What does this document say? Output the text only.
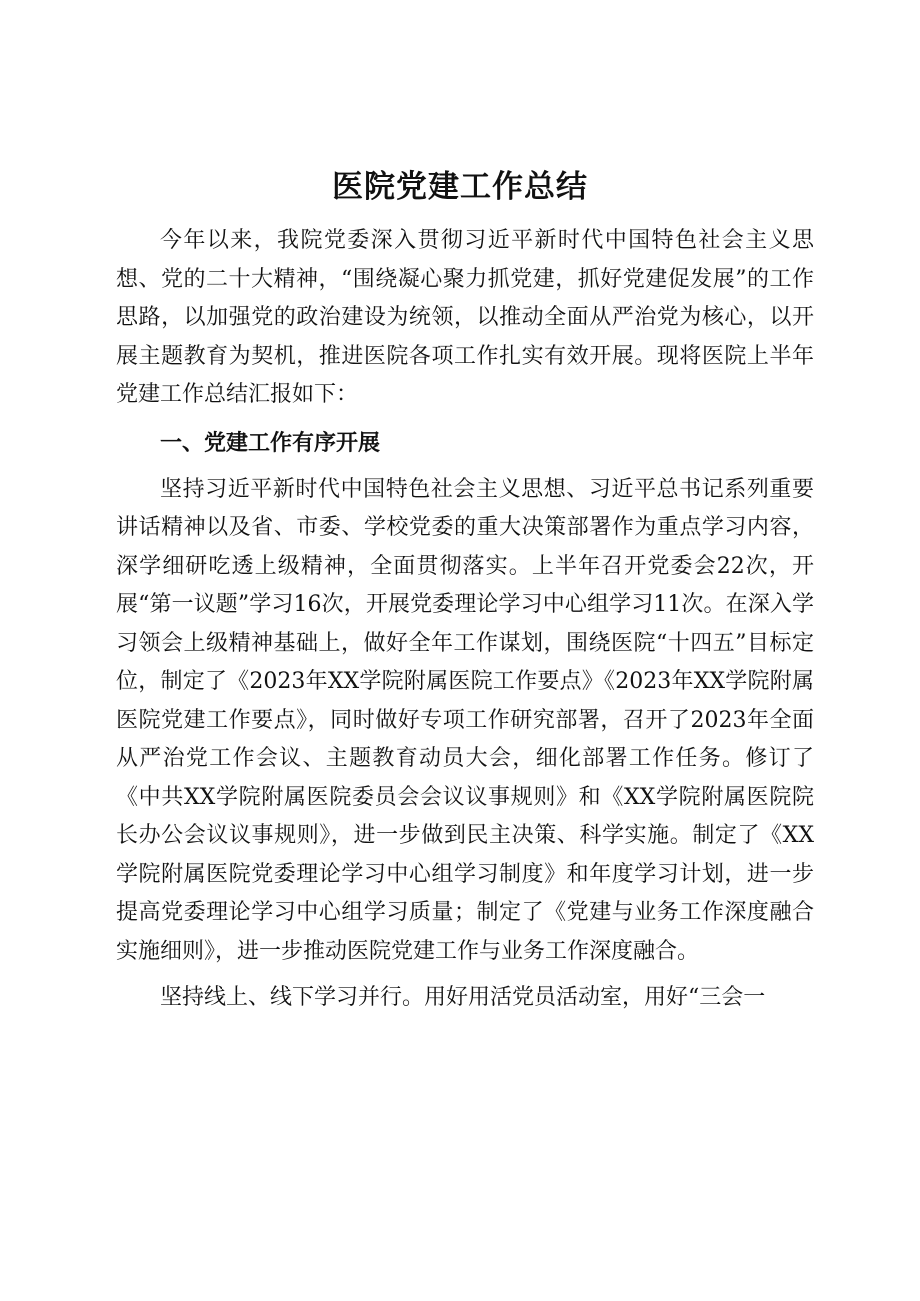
医院党建工作总结

今年以来，我院党委深入贯彻习近平新时代中国特色社会主义思想、党的二十大精神，“围绕凝心聚力抓党建，抓好党建促发展”的工作思路，以加强党的政治建设为统领，以推动全面从严治党为核心，以开展主题教育为契机，推进医院各项工作扎实有效开展。现将医院上半年党建工作总结汇报如下：

一、党建工作有序开展

坚持习近平新时代中国特色社会主义思想、习近平总书记系列重要讲话精神以及省、市委、学校党委的重大决策部署作为重点学习内容，深学细研吃透上级精神，全面贯彻落实。上半年召开党委会22次，开展“第一议题”学习16次，开展党委理论学习中心组学习11次。在深入学习领会上级精神基础上，做好全年工作谋划，围绕医院“十四五”目标定位，制定了《2023年XX学院附属医院工作要点》《2023年XX学院附属医院党建工作要点》，同时做好专项工作研究部署，召开了2023年全面从严治党工作会议、主题教育动员大会，细化部署工作任务。修订了《中共XX学院附属医院委员会会议议事规则》和《XX学院附属医院院长办公会议议事规则》，进一步做到民主决策、科学实施。制定了《XX学院附属医院党委理论学习中心组学习制度》和年度学习计划，进一步提高党委理论学习中心组学习质量；制定了《党建与业务工作深度融合实施细则》，进一步推动医院党建工作与业务工作深度融合。

坚持线上、线下学习并行。用好用活党员活动室，用好“三会一
